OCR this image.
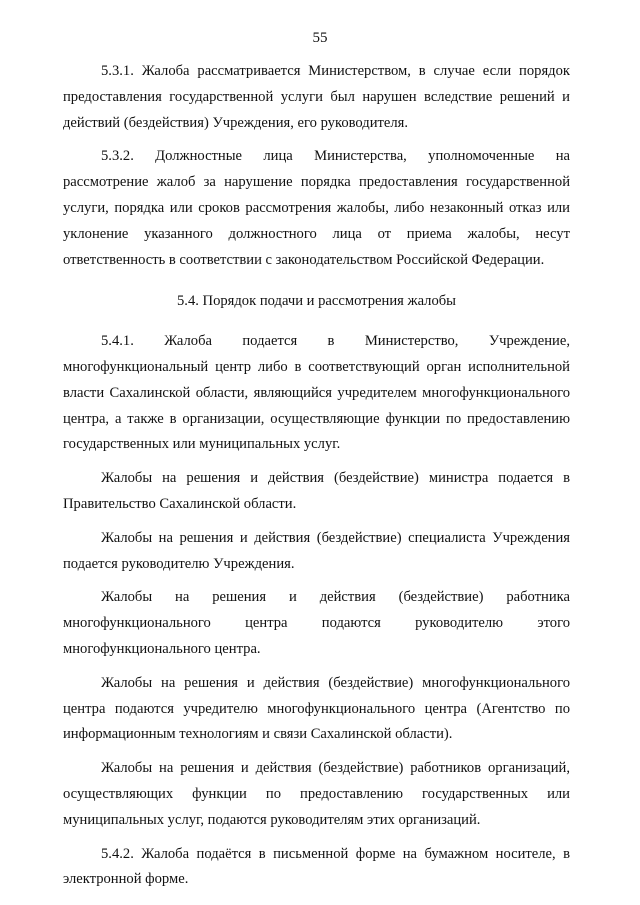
55

5.3.1. Жалоба рассматривается Министерством, в случае если порядок предоставления государственной услуги был нарушен вследствие решений и действий (бездействия) Учреждения, его руководителя.

5.3.2. Должностные лица Министерства, уполномоченные на рассмотрение жалоб за нарушение порядка предоставления государственной услуги, порядка или сроков рассмотрения жалобы, либо незаконный отказ или уклонение указанного должностного лица от приема жалобы, несут ответственность в соответствии с законодательством Российской Федерации.

5.4. Порядок подачи и рассмотрения жалобы

5.4.1. Жалоба подается в Министерство, Учреждение, многофункциональный центр либо в соответствующий орган исполнительной власти Сахалинской области, являющийся учредителем многофункционального центра, а также в организации, осуществляющие функции по предоставлению государственных или муниципальных услуг.

Жалобы на решения и действия (бездействие) министра подается в Правительство Сахалинской области.

Жалобы на решения и действия (бездействие) специалиста Учреждения подается руководителю Учреждения.

Жалобы на решения и действия (бездействие) работника многофункционального центра подаются руководителю этого многофункционального центра.

Жалобы на решения и действия (бездействие) многофункционального центра подаются учредителю многофункционального центра (Агентство по информационным технологиям и связи Сахалинской области).

Жалобы на решения и действия (бездействие) работников организаций, осуществляющих функции по предоставлению государственных или муниципальных услуг, подаются руководителям этих организаций.

5.4.2. Жалоба подаётся в письменной форме на бумажном носителе, в электронной форме.
